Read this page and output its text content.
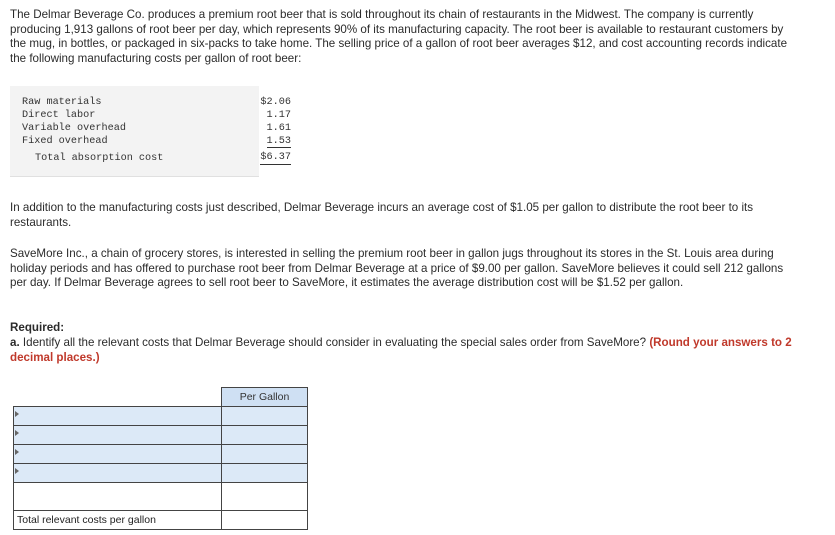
The Delmar Beverage Co. produces a premium root beer that is sold throughout its chain of restaurants in the Midwest. The company is currently producing 1,913 gallons of root beer per day, which represents 90% of its manufacturing capacity. The root beer is available to restaurant customers by the mug, in bottles, or packaged in six-packs to take home. The selling price of a gallon of root beer averages $12, and cost accounting records indicate the following manufacturing costs per gallon of root beer:

Raw materials	$2.06
Direct labor	1.17
Variable overhead	1.61
Fixed overhead	1.53
Total absorption cost	$6.37

In addition to the manufacturing costs just described, Delmar Beverage incurs an average cost of $1.05 per gallon to distribute the root beer to its restaurants.

SaveMore Inc., a chain of grocery stores, is interested in selling the premium root beer in gallon jugs throughout its stores in the St. Louis area during holiday periods and has offered to purchase root beer from Delmar Beverage at a price of $9.00 per gallon. SaveMore believes it could sell 212 gallons per day. If Delmar Beverage agrees to sell root beer to SaveMore, it estimates the average distribution cost will be $1.52 per gallon.

Required:

a. Identify all the relevant costs that Delmar Beverage should consider in evaluating the special sales order from SaveMore? (Round your answers to 2 decimal places.)

	Per Gallon

Total relevant costs per gallon	
